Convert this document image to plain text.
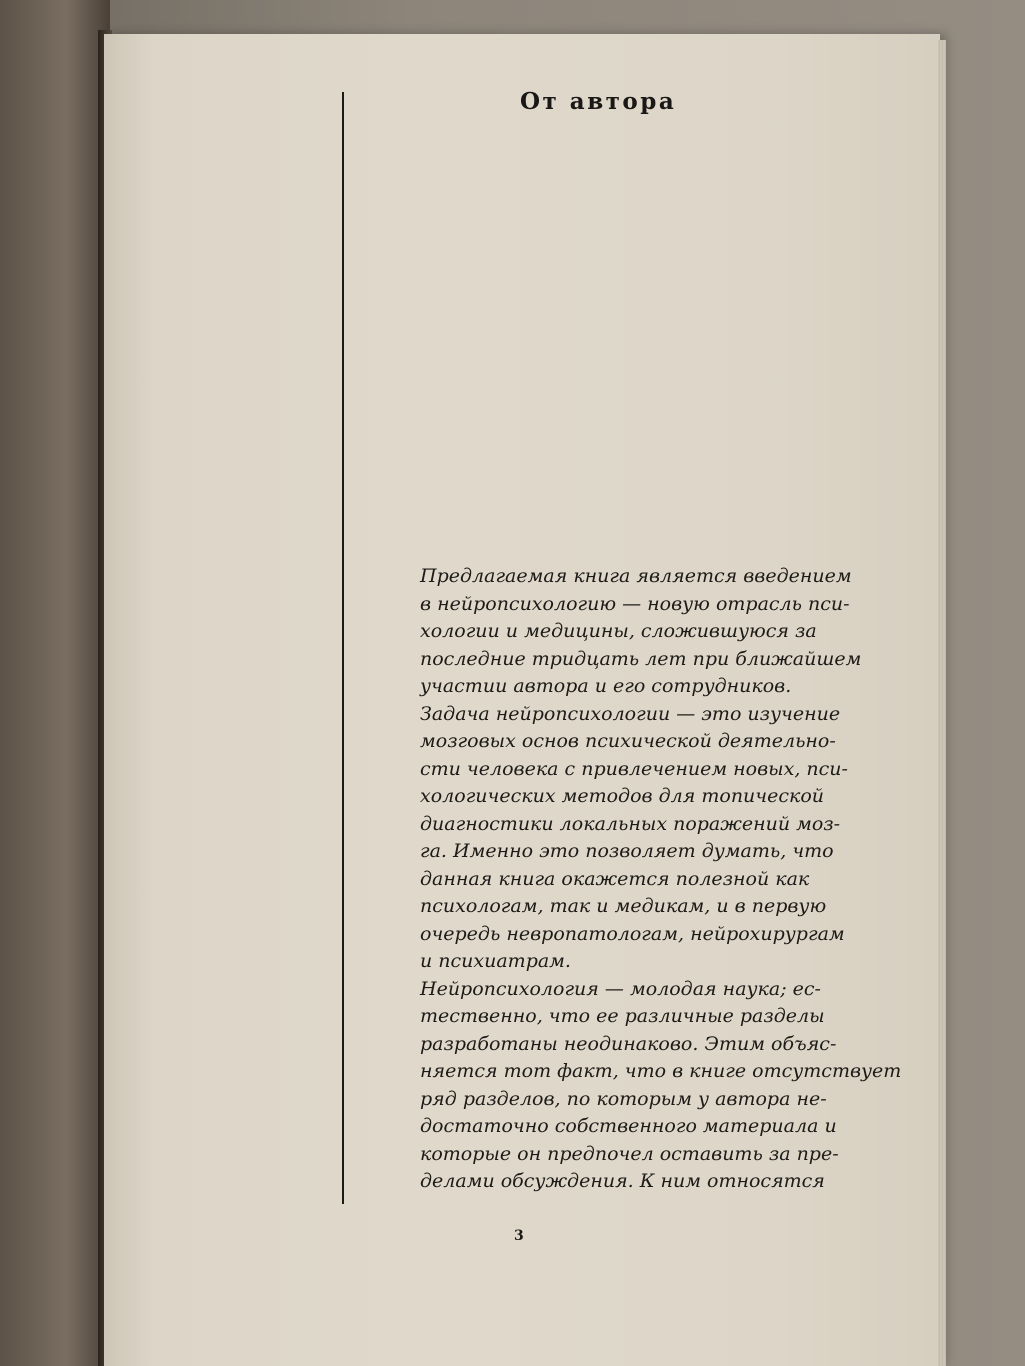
От автора
Предлагаемая книга является введением
в нейропсихологию — новую отрасль пси-
хологии и медицины, сложившуюся за
последние тридцать лет при ближайшем
участии автора и его сотрудников.
Задача нейропсихологии — это изучение
мозговых основ психической деятельно-
сти человека с привлечением новых, пси-
хологических методов для топической
диагностики локальных поражений моз-
га. Именно это позволяет думать, что
данная книга окажется полезной как
психологам, так и медикам, и в первую
очередь невропатологам, нейрохирургам
и психиатрам.
Нейропсихология — молодая наука; ес-
тественно, что ее различные разделы
разработаны неодинаково. Этим объяс-
няется тот факт, что в книге отсутствует
ряд разделов, по которым у автора не-
достаточно собственного материала и
которые он предпочел оставить за пре-
делами обсуждения. К ним относятся
3
